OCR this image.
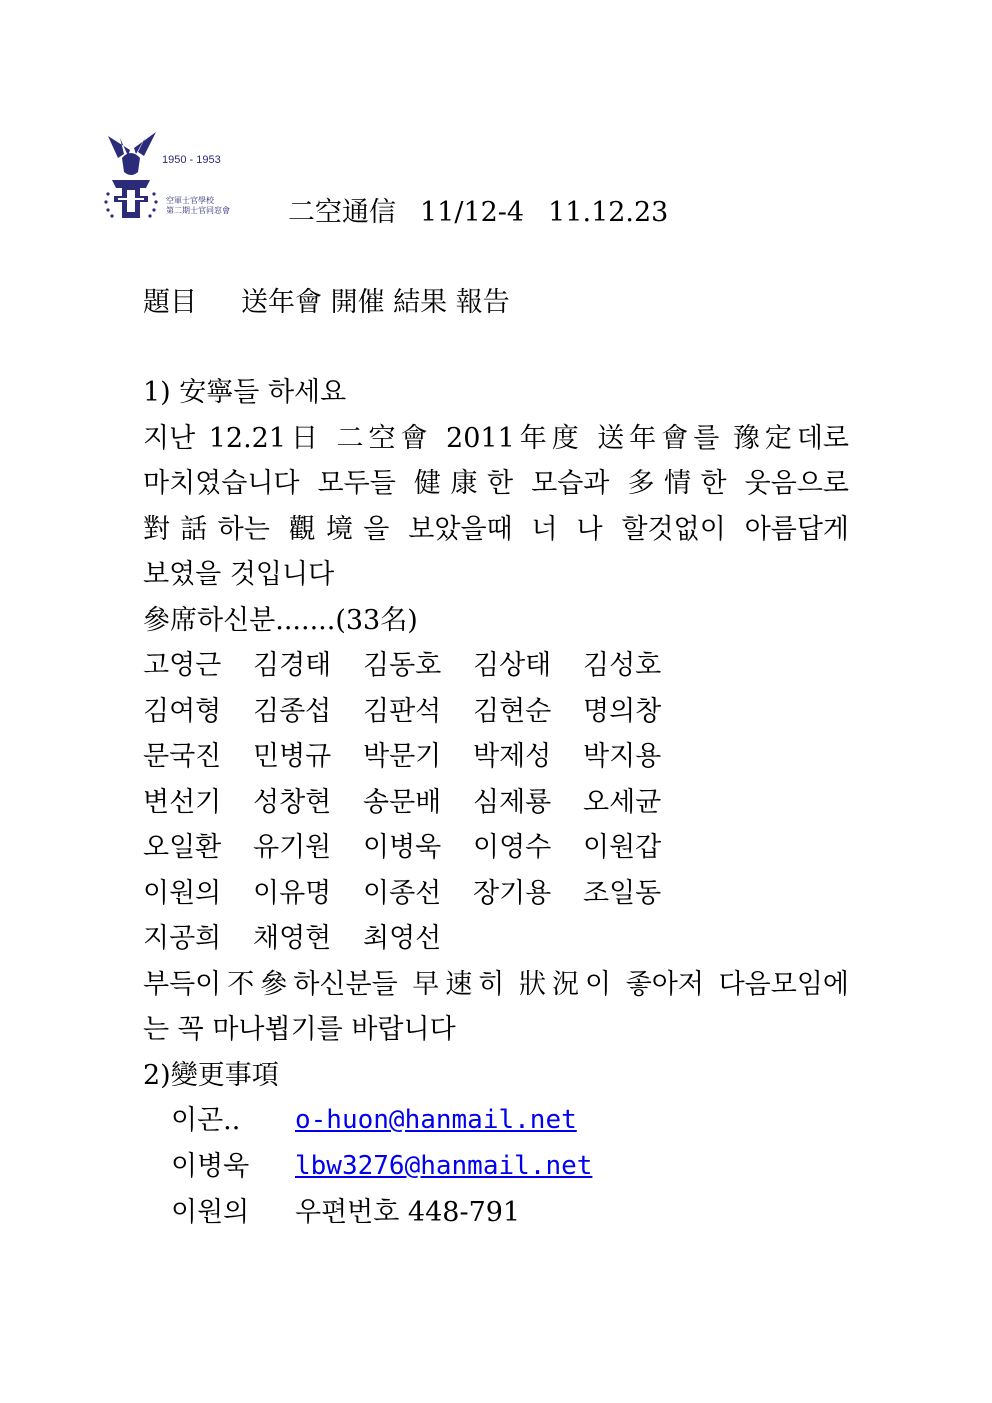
1950 - 1953
空軍士官學校
第二期士官同窓會 二空通信 11/12-4 11.12.23
題目 送年會 開催 結果 報告
1) 安寧들 하세요
지난 12.21日 二空會 2011年度 送年會를 豫定데로
마치였습니다 모두들 健康한 모습과 多情한 웃음으로
對話하는 觀境을 보았을때 너 나 할것없이 아름답게
보였을 것입니다
參席하신분.......(33名)
고영근	김경태	김동호	김상태	김성호
김여형	김종섭	김판석	김현순	명의창
문국진	민병규	박문기	박제성	박지용
변선기	성창현	송문배	심제룡	오세균
오일환	유기원	이병욱	이영수	이원갑
이원의	이유명	이종선	장기용	조일동
지공희	채영현	최영선
부득이不參하신분들 早速히 狀況이 좋아저 다음모임에
는 꼭 마나뵙기를 바랍니다
2)變更事項
이곤..	o-huon@hanmail.net
이병욱	lbw3276@hanmail.net
이원의	우편번호 448-791
